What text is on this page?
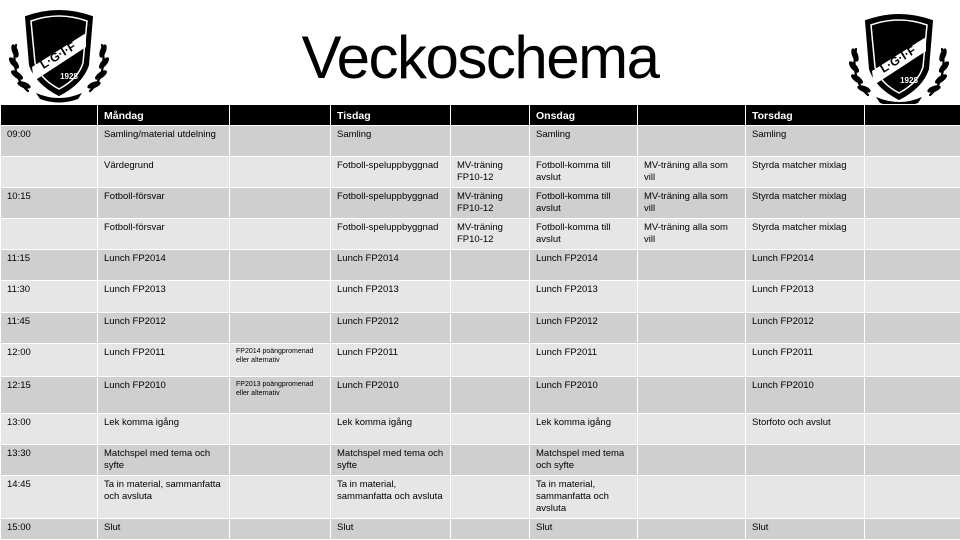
L·G·I·F
1928	Veckoschema	L·G·I·F
1928
	Måndag		Tisdag		Onsdag		Torsdag	
09:00	Samling/material utdelning		Samling		Samling		Samling	
	Värdegrund		Fotboll-speluppbyggnad	MV-träning FP10-12	Fotboll-komma till avslut	MV-träning alla som vill	Styrda matcher mixlag	
10:15	Fotboll-försvar		Fotboll-speluppbyggnad	MV-träning FP10-12	Fotboll-komma till avslut	MV-träning alla som vill	Styrda matcher mixlag	
	Fotboll-försvar		Fotboll-speluppbyggnad	MV-träning FP10-12	Fotboll-komma till avslut	MV-träning alla som vill	Styrda matcher mixlag	
11:15	Lunch FP2014		Lunch FP2014		Lunch FP2014		Lunch FP2014	
11:30	Lunch FP2013		Lunch FP2013		Lunch FP2013		Lunch FP2013	
11:45	Lunch FP2012		Lunch FP2012		Lunch FP2012		Lunch FP2012	
12:00	Lunch FP2011	FP2014 poängpromenad eller alternativ	Lunch FP2011		Lunch FP2011		Lunch FP2011	
12:15	Lunch FP2010	FP2013 poängpromenad eller alternativ	Lunch FP2010		Lunch FP2010		Lunch FP2010	
13:00	Lek komma igång		Lek komma igång		Lek komma igång		Storfoto och avslut	
13:30	Matchspel med tema och syfte		Matchspel med tema och syfte		Matchspel med tema och syfte			
14:45	Ta in material, sammanfatta och avsluta		Ta in material, sammanfatta och avsluta		Ta in material, sammanfatta och avsluta			
15:00	Slut		Slut		Slut		Slut	
